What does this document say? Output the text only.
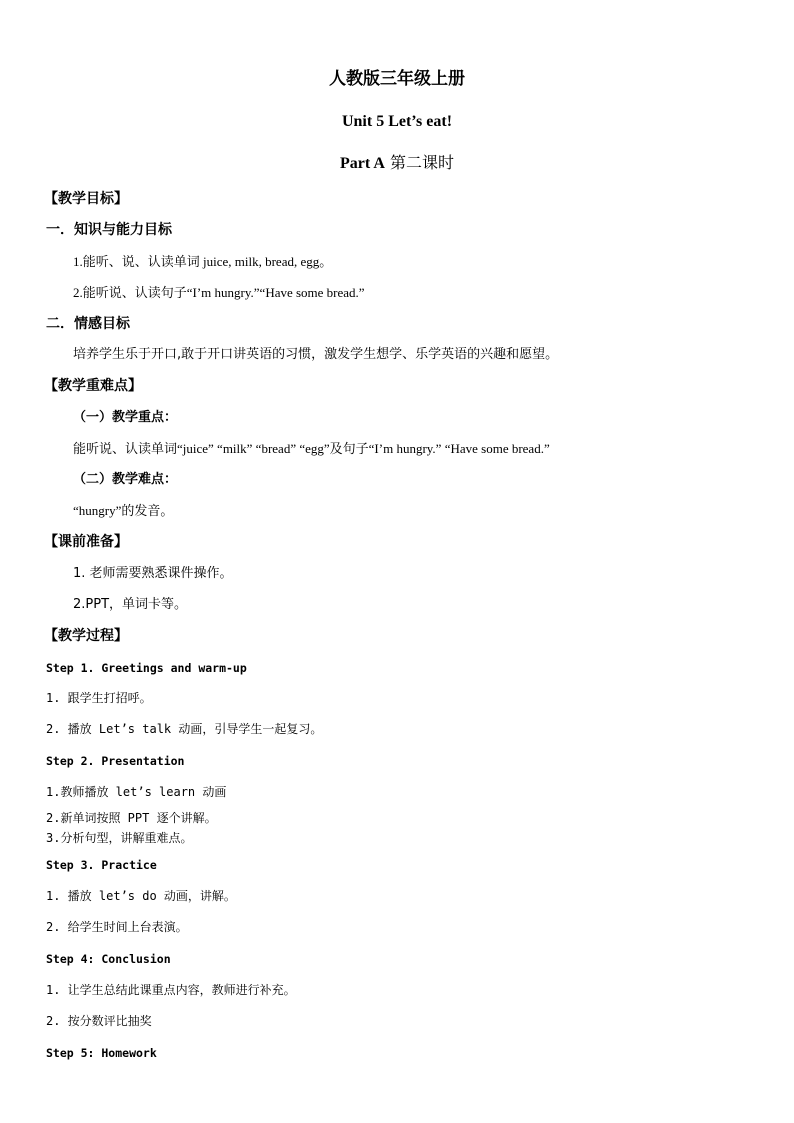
人教版三年级上册
Unit 5 Let’s eat!
Part A 第二课时
【教学目标】
一．知识与能力目标
1.能听、说、认读单词 juice, milk, bread, egg。
2.能听说、认读句子“I’m hungry.”“Have some bread.”
二．情感目标
培养学生乐于开口,敢于开口讲英语的习惯，激发学生想学、乐学英语的兴趣和愿望。
【教学重难点】
（一）教学重点：
能听说、认读单词“juice” “milk” “bread” “egg”及句子“I’m hungry.” “Have some bread.”
（二）教学难点：
“hungry”的发音。
【课前准备】
1. 老师需要熟悉课件操作。
2.PPT，单词卡等。
【教学过程】
Step 1. Greetings and warm-up
1. 跟学生打招呼。
2. 播放 Let’s talk 动画，引导学生一起复习。
Step 2. Presentation
1.教师播放 let’s learn 动画
2.新单词按照 PPT 逐个讲解。
3.分析句型，讲解重难点。
Step 3. Practice
1. 播放 let’s do 动画，讲解。
2. 给学生时间上台表演。
Step 4: Conclusion
1. 让学生总结此课重点内容，教师进行补充。
2. 按分数评比抽奖
Step 5: Homework
